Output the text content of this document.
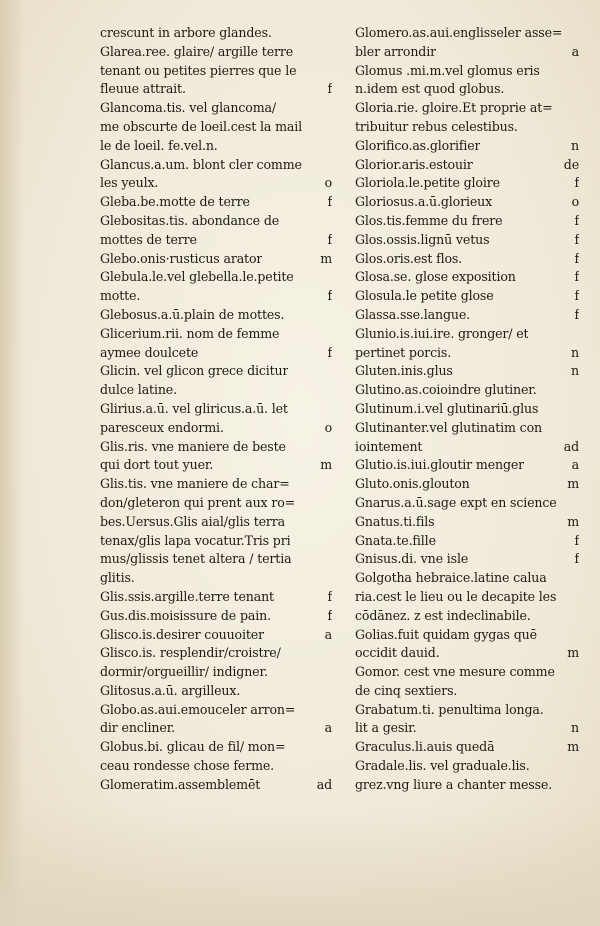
crescunt in arbore glandes.
Glarea.ree. glaire/ argille terre
tenant ou petites pierres que le
fleuue attrait.	f
Glancoma.tis. vel glancoma/
me obscurte de loeil.cest la mail
le de loeil. fe.vel.n.
Glancus.a.um. blont cler comme
les yeulx.	o
Gleba.be.motte de terre	f
Glebositas.tis. abondance de
mottes de terre	f
Glebo.onis·rusticus arator	m
Glebula.le.vel glebella.le.petite
motte.	f
Glebosus.a.ū.plain de mottes.
Glicerium.rii. nom de femme
aymee doulcete	f
Glicin. vel glicon grece dicitur
dulce latine.
Glirius.a.ū. vel gliricus.a.ū. let
paresceux endormi.	o
Glis.ris. vne maniere de beste
qui dort tout yuer.	m
Glis.tis. vne maniere de char=
don/gleteron qui prent aux ro=
bes.Uersus.Glis aial/glis terra
tenax/glis lapa vocatur.Tris pri
mus/glissis tenet altera / tertia
glitis.
Glis.ssis.argille.terre tenant	f
Gus.dis.moisissure de pain.	f
Glisco.is.desirer couuoiter	a
Glisco.is. resplendir/croistre/
dormir/orgueillir/ indigner.
Glitosus.a.ū. argilleux.
Globo.as.aui.emouceler arron=
dir encliner.	a
Globus.bi. glicau de fil/ mon=
ceau rondesse chose ferme.
Glomeratim.assemblemēt	ad
Glomero.as.aui.englisseler asse=
bler arrondir	a
Glomus .mi.m.vel glomus eris
n.idem est quod globus.
Gloria.rie. gloire.Et proprie at=
tribuitur rebus celestibus.
Glorifico.as.glorifier	n
Glorior.aris.estouir	de
Gloriola.le.petite gloire	f
Gloriosus.a.ū.glorieux	o
Glos.tis.femme du frere	f
Glos.ossis.lignū vetus	f
Glos.oris.est flos.	f
Glosa.se. glose exposition	f
Glosula.le petite glose	f
Glassa.sse.langue.	f
Glunio.is.iui.ire. gronger/ et
pertinet porcis.	n
Gluten.inis.glus	n
Glutino.as.coioindre glutiner.
Glutinum.i.vel glutinariū.glus
Glutinanter.vel glutinatim con
iointement	ad
Glutio.is.iui.gloutir menger	a
Gluto.onis.glouton	m
Gnarus.a.ū.sage expt en science
Gnatus.ti.fils	m
Gnata.te.fille	f
Gnisus.di. vne isle	f
Golgotha hebraice.latine calua
ria.cest le lieu ou le decapite les
cōdānez. z est indeclinabile.
Golias.fuit quidam gygas quē
occidit dauid.	m
Gomor. cest vne mesure comme
de cinq sextiers.
Grabatum.ti. penultima longa.
lit a gesir.	n
Graculus.li.auis quedā	m
Gradale.lis. vel graduale.lis.
grez.vng liure a chanter messe.
